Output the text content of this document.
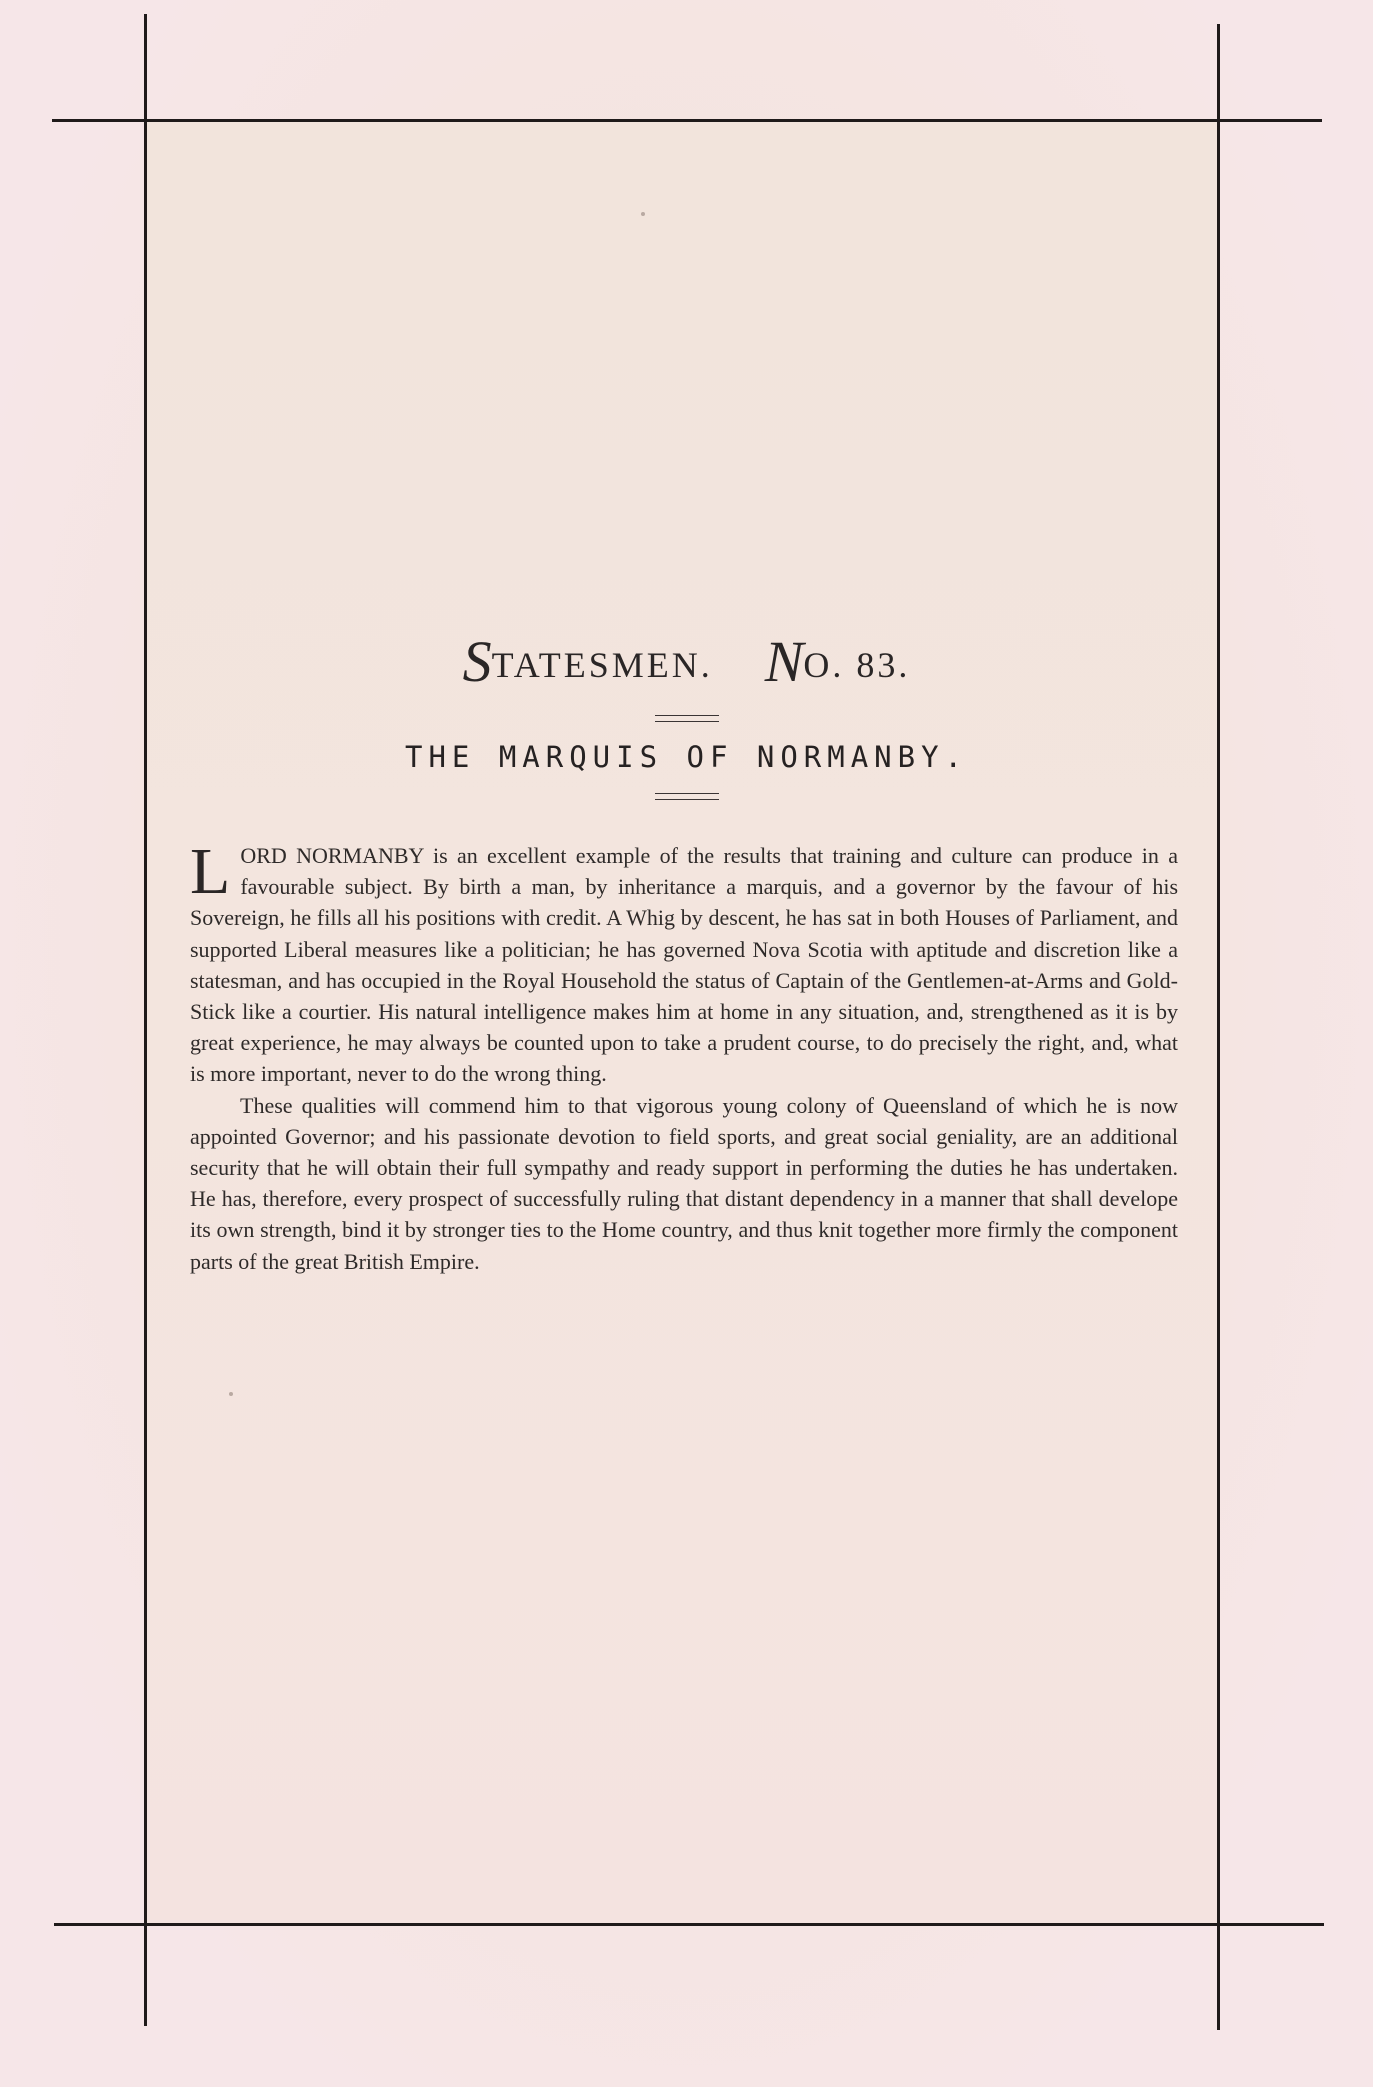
STATESMEN. NO. 83.
THE MARQUIS OF NORMANBY.

LORD NORMANBY is an excellent example of the results that training and culture can produce in a favourable subject. By birth a man, by inheritance a marquis, and a governor by the favour of his Sovereign, he fills all his positions with credit. A Whig by descent, he has sat in both Houses of Parliament, and supported Liberal measures like a politician; he has governed Nova Scotia with aptitude and discretion like a statesman, and has occupied in the Royal Household the status of Captain of the Gentlemen-at-Arms and Gold-Stick like a courtier. His natural intelligence makes him at home in any situation, and, strengthened as it is by great experience, he may always be counted upon to take a prudent course, to do precisely the right, and, what is more important, never to do the wrong thing.

These qualities will commend him to that vigorous young colony of Queensland of which he is now appointed Governor; and his passionate devotion to field sports, and great social geniality, are an additional security that he will obtain their full sympathy and ready support in performing the duties he has undertaken. He has, therefore, every prospect of successfully ruling that distant dependency in a manner that shall develope its own strength, bind it by stronger ties to the Home country, and thus knit together more firmly the component parts of the great British Empire.
